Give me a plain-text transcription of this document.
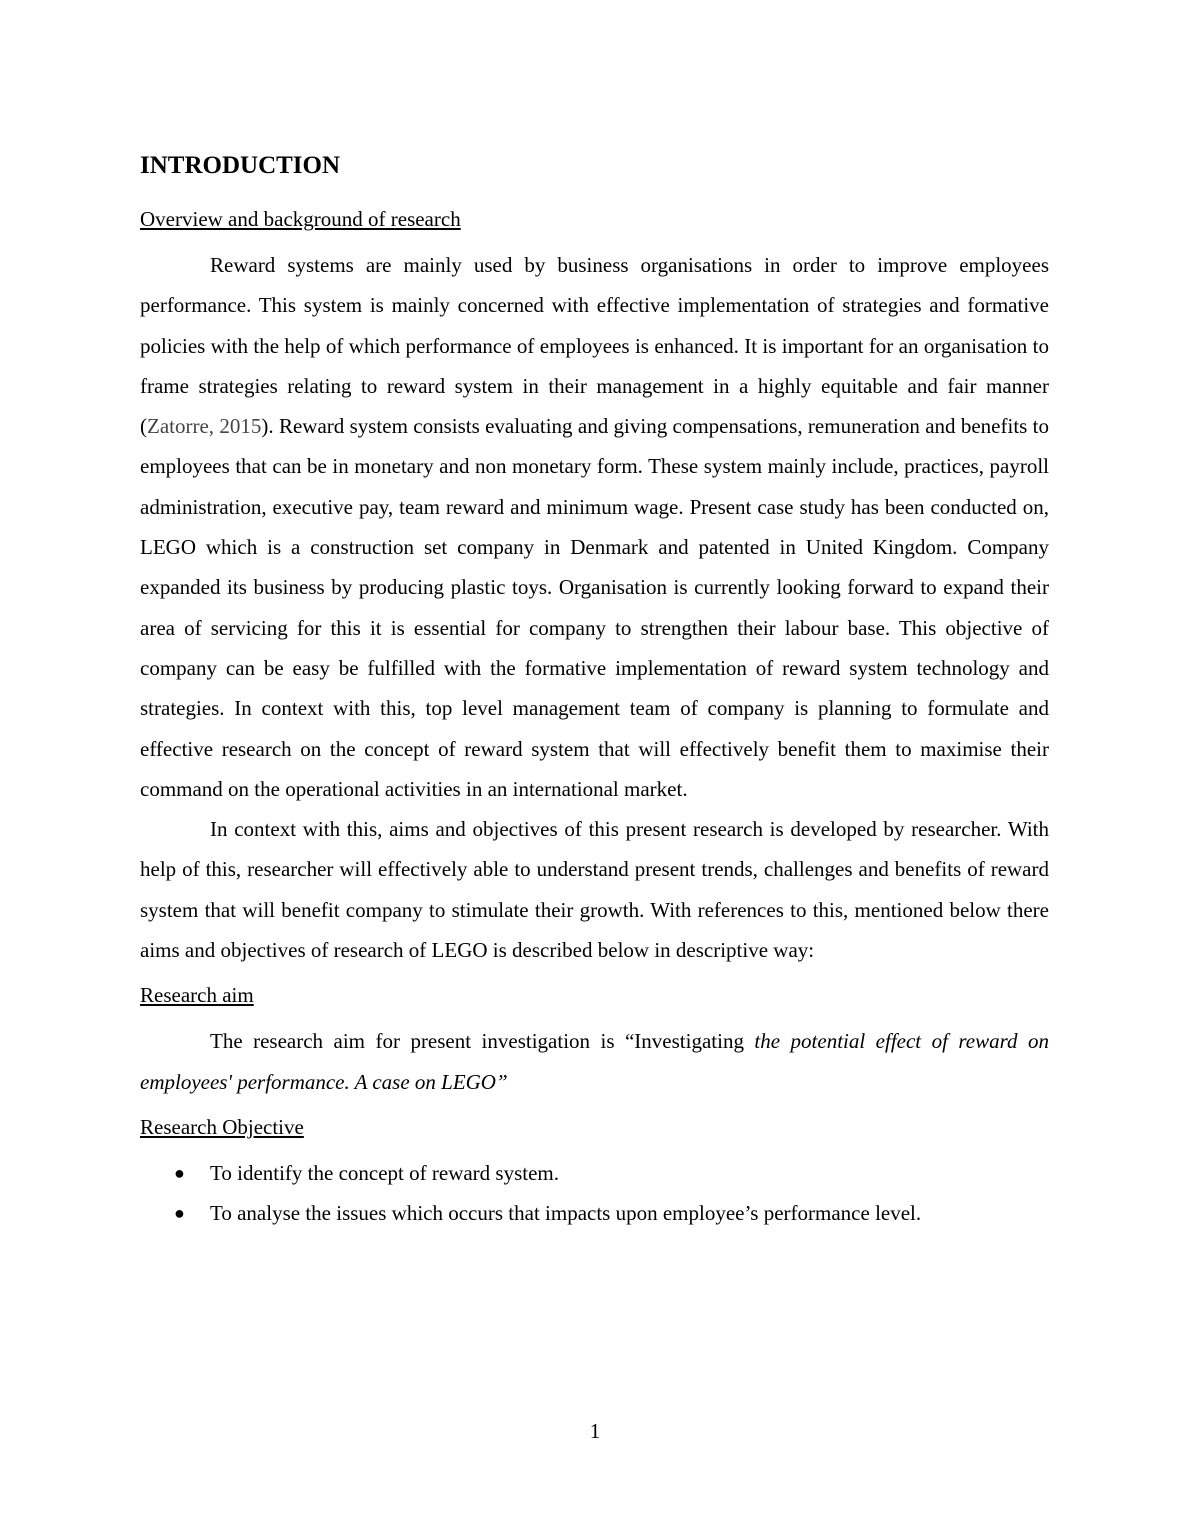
INTRODUCTION
Overview and background of research

Reward systems are mainly used by business organisations in order to improve employees performance. This system is mainly concerned with effective implementation of strategies and formative policies with the help of which performance of employees is enhanced. It is important for an organisation to frame strategies relating to reward system in their management in a highly equitable and fair manner (Zatorre, 2015). Reward system consists evaluating and giving compensations, remuneration and benefits to employees that can be in monetary and non monetary form. These system mainly include, practices, payroll administration, executive pay, team reward and minimum wage. Present case study has been conducted on, LEGO which is a construction set company in Denmark and patented in United Kingdom. Company expanded its business by producing plastic toys. Organisation is currently looking forward to expand their area of servicing for this it is essential for company to strengthen their labour base. This objective of company can be easy be fulfilled with the formative implementation of reward system technology and strategies. In context with this, top level management team of company is planning to formulate and effective research on the concept of reward system that will effectively benefit them to maximise their command on the operational activities in an international market.

In context with this, aims and objectives of this present research is developed by researcher. With help of this, researcher will effectively able to understand present trends, challenges and benefits of reward system that will benefit company to stimulate their growth. With references to this, mentioned below there aims and objectives of research of LEGO is described below in descriptive way:

Research aim

The research aim for present investigation is “Investigating the potential effect of reward on employees' performance. A case on LEGO”

Research Objective
● To identify the concept of reward system.
● To analyse the issues which occurs that impacts upon employee’s performance level.
1
